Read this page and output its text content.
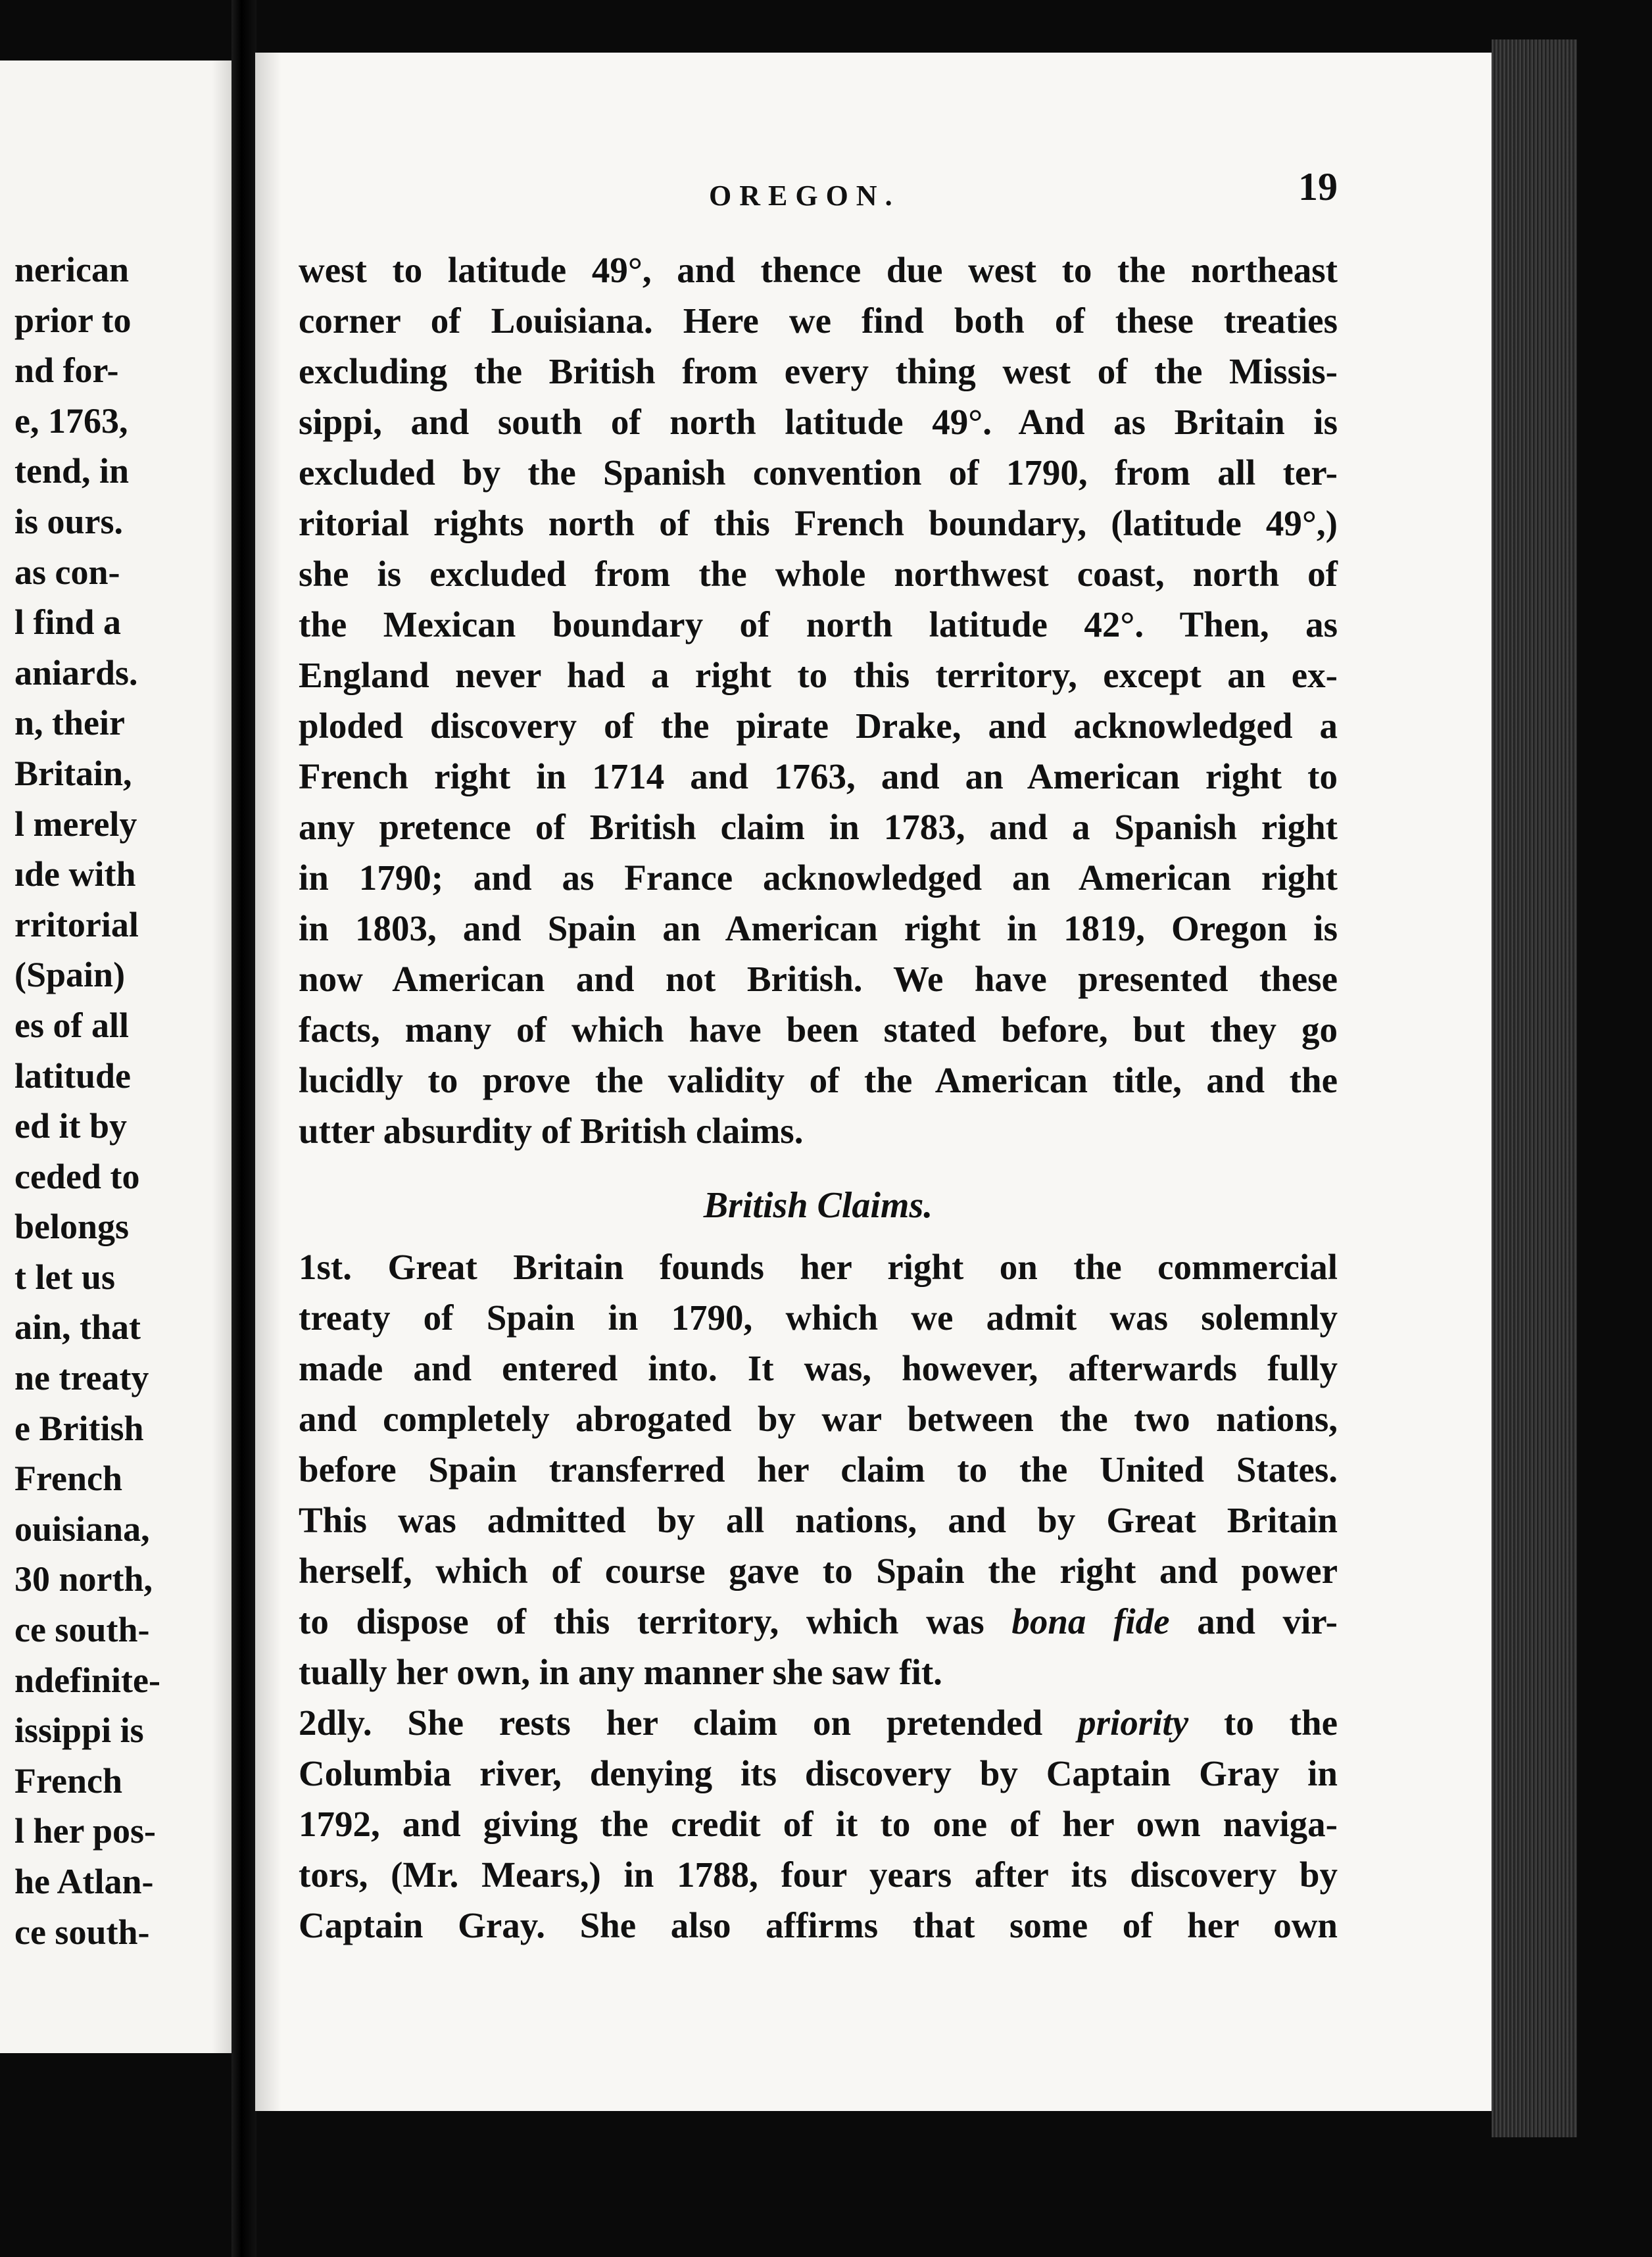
nerican
prior to
nd for-
e, 1763,
tend, in
is ours.
as con-
l find a
aniards.
n, their
Britain,
l merely
ıde with
rritorial
(Spain)
es of all
latitude
ed it by
ceded to
belongs
t let us
ain, that
ne treaty
e British
French
ouisiana,
30 north,
ce south-
ndefinite-
issippi is
French
l her pos-
he Atlan-
ce south-

OREGON.	19

west to latitude 49°, and thence due west to the northeast
corner of Louisiana. Here we find both of these treaties
excluding the British from every thing west of the Missis-
sippi, and south of north latitude 49°. And as Britain is
excluded by the Spanish convention of 1790, from all ter-
ritorial rights north of this French boundary, (latitude 49°,)
she is excluded from the whole northwest coast, north of
the Mexican boundary of north latitude 42°. Then, as
England never had a right to this territory, except an ex-
ploded discovery of the pirate Drake, and acknowledged a
French right in 1714 and 1763, and an American right to
any pretence of British claim in 1783, and a Spanish right
in 1790; and as France acknowledged an American right
in 1803, and Spain an American right in 1819, Oregon is
now American and not British. We have presented these
facts, many of which have been stated before, but they go
lucidly to prove the validity of the American title, and the
utter absurdity of British claims.
British Claims.
1st. Great Britain founds her right on the commercial
treaty of Spain in 1790, which we admit was solemnly
made and entered into. It was, however, afterwards fully
and completely abrogated by war between the two nations,
before Spain transferred her claim to the United States.
This was admitted by all nations, and by Great Britain
herself, which of course gave to Spain the right and power
to dispose of this territory, which was bona fide and vir-
tually her own, in any manner she saw fit.
2dly. She rests her claim on pretended priority to the
Columbia river, denying its discovery by Captain Gray in
1792, and giving the credit of it to one of her own naviga-
tors, (Mr. Mears,) in 1788, four years after its discovery by
Captain Gray. She also affirms that some of her own
